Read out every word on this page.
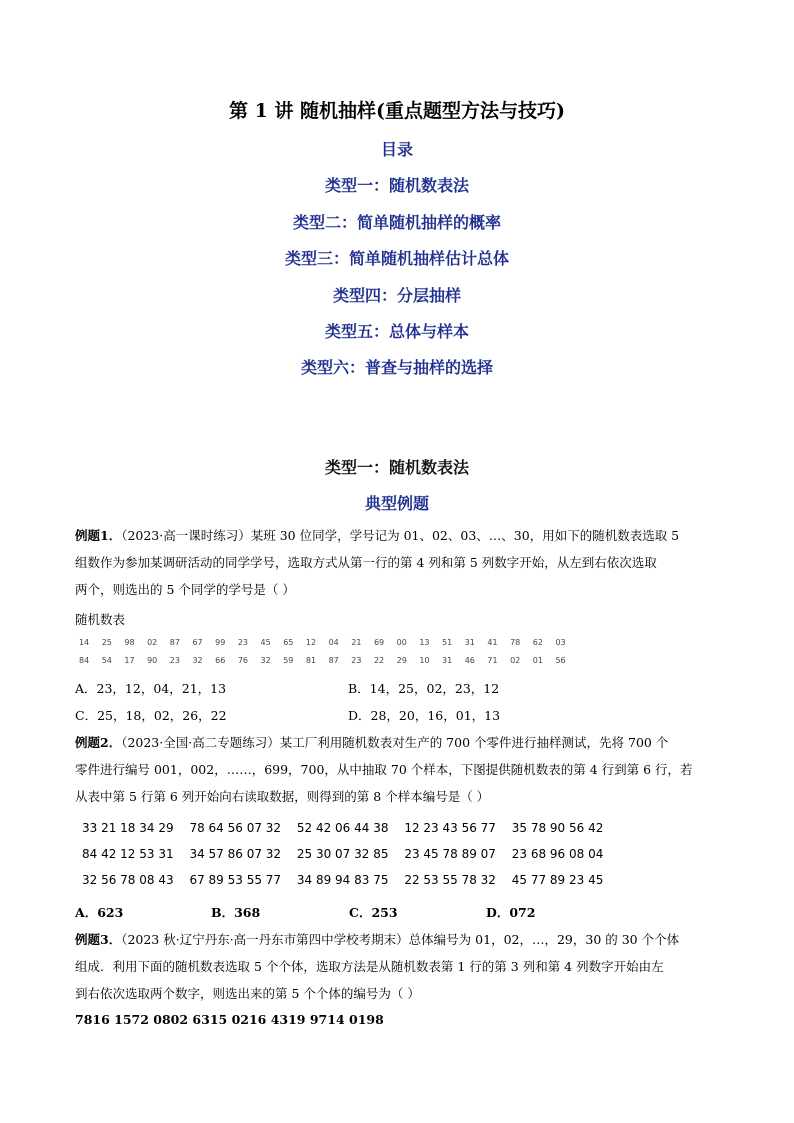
第 1 讲 随机抽样(重点题型方法与技巧)
目录
类型一：随机数表法
类型二：简单随机抽样的概率
类型三：简单随机抽样估计总体
类型四：分层抽样
类型五：总体与样本
类型六：普查与抽样的选择
类型一：随机数表法
典型例题
例题1．（2023·高一课时练习）某班 30 位同学，学号记为 01、02、03、…、30，用如下的随机数表选取 5
组数作为参加某调研活动的同学学号，选取方式从第一行的第 4 列和第 5 列数字开始，从左到右依次选取
两个，则选出的 5 个同学的学号是（ ）
随机数表
14 25 98 02 87 67 99 23 45 65 12 04 21 69 00 13 51 31 41 78 62 03
84 54 17 90 23 32 66 76 32 59 81 87 23 22 29 10 31 46 71 02 01 56
A．23，12，04，21，13	B．14，25，02，23，12
C．25，18，02，26，22	D．28，20，16，01，13
例题2．（2023·全国·高二专题练习）某工厂利用随机数表对生产的 700 个零件进行抽样测试，先将 700 个
零件进行编号 001，002，……，699，700，从中抽取 70 个样本，下图提供随机数表的第 4 行到第 6 行，若
从表中第 5 行第 6 列开始向右读取数据，则得到的第 8 个样本编号是（ ）
33 21 18 34 29 78 64 56 07 32 52 42 06 44 38 12 23 43 56 77 35 78 90 56 42
84 42 12 53 31 34 57 86 07 32 25 30 07 32 85 23 45 78 89 07 23 68 96 08 04
32 56 78 08 43 67 89 53 55 77 34 89 94 83 75 22 53 55 78 32 45 77 89 23 45
A．623	B．368	C．253	D．072
例题3．（2023 秋·辽宁丹东·高一丹东市第四中学校考期末）总体编号为 01，02，…，29，30 的 30 个个体
组成．利用下面的随机数表选取 5 个个体，选取方法是从随机数表第 1 行的第 3 列和第 4 列数字开始由左
到右依次选取两个数字，则选出来的第 5 个个体的编号为（ ）
7816 1572 0802 6315 0216 4319 9714 0198
